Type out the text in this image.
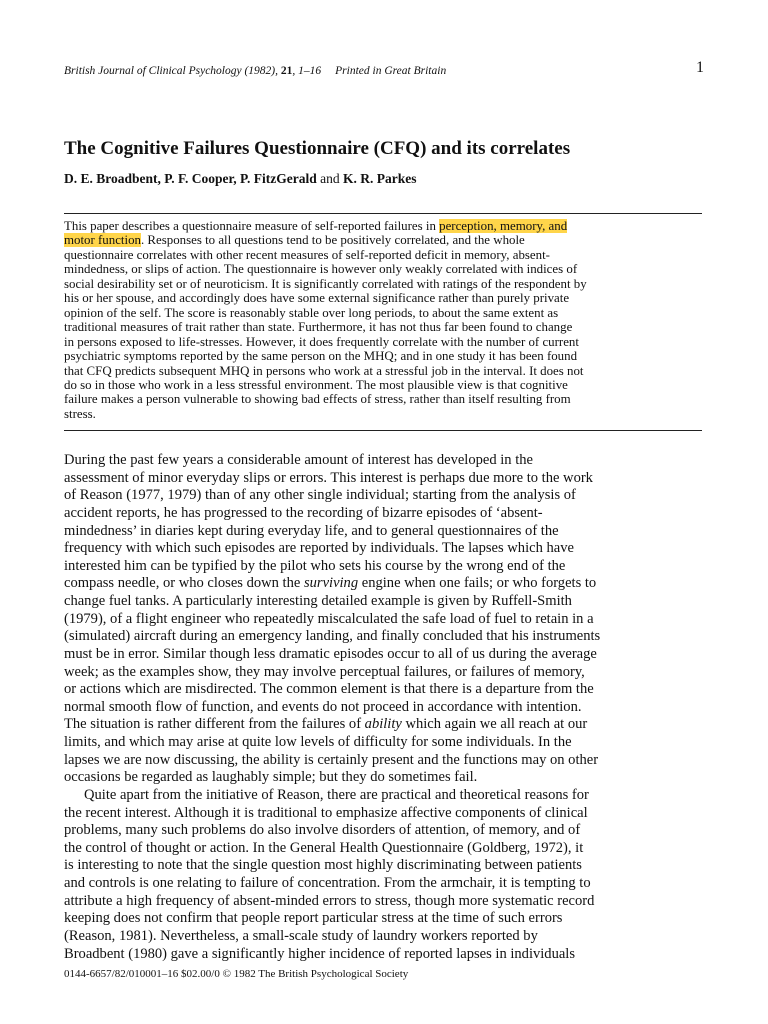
British Journal of Clinical Psychology (1982), 21, 1–16 Printed in Great Britain	1
The Cognitive Failures Questionnaire (CFQ) and its correlates
D. E. Broadbent, P. F. Cooper, P. FitzGerald and K. R. Parkes
This paper describes a questionnaire measure of self-reported failures in perception, memory, and
motor function. Responses to all questions tend to be positively correlated, and the whole
questionnaire correlates with other recent measures of self-reported deficit in memory, absent-
mindedness, or slips of action. The questionnaire is however only weakly correlated with indices of
social desirability set or of neuroticism. It is significantly correlated with ratings of the respondent by
his or her spouse, and accordingly does have some external significance rather than purely private
opinion of the self. The score is reasonably stable over long periods, to about the same extent as
traditional measures of trait rather than state. Furthermore, it has not thus far been found to change
in persons exposed to life-stresses. However, it does frequently correlate with the number of current
psychiatric symptoms reported by the same person on the MHQ; and in one study it has been found
that CFQ predicts subsequent MHQ in persons who work at a stressful job in the interval. It does not
do so in those who work in a less stressful environment. The most plausible view is that cognitive
failure makes a person vulnerable to showing bad effects of stress, rather than itself resulting from
stress.
During the past few years a considerable amount of interest has developed in the
assessment of minor everyday slips or errors. This interest is perhaps due more to the work
of Reason (1977, 1979) than of any other single individual; starting from the analysis of
accident reports, he has progressed to the recording of bizarre episodes of ‘absent-
mindedness’ in diaries kept during everyday life, and to general questionnaires of the
frequency with which such episodes are reported by individuals. The lapses which have
interested him can be typified by the pilot who sets his course by the wrong end of the
compass needle, or who closes down the surviving engine when one fails; or who forgets to
change fuel tanks. A particularly interesting detailed example is given by Ruffell-Smith
(1979), of a flight engineer who repeatedly miscalculated the safe load of fuel to retain in a
(simulated) aircraft during an emergency landing, and finally concluded that his instruments
must be in error. Similar though less dramatic episodes occur to all of us during the average
week; as the examples show, they may involve perceptual failures, or failures of memory,
or actions which are misdirected. The common element is that there is a departure from the
normal smooth flow of function, and events do not proceed in accordance with intention.
The situation is rather different from the failures of ability which again we all reach at our
limits, and which may arise at quite low levels of difficulty for some individuals. In the
lapses we are now discussing, the ability is certainly present and the functions may on other
occasions be regarded as laughably simple; but they do sometimes fail.
Quite apart from the initiative of Reason, there are practical and theoretical reasons for
the recent interest. Although it is traditional to emphasize affective components of clinical
problems, many such problems do also involve disorders of attention, of memory, and of
the control of thought or action. In the General Health Questionnaire (Goldberg, 1972), it
is interesting to note that the single question most highly discriminating between patients
and controls is one relating to failure of concentration. From the armchair, it is tempting to
attribute a high frequency of absent-minded errors to stress, though more systematic record
keeping does not confirm that people report particular stress at the time of such errors
(Reason, 1981). Nevertheless, a small-scale study of laundry workers reported by
Broadbent (1980) gave a significantly higher incidence of reported lapses in individuals
0144-6657/82/010001–16 $02.00/0 © 1982 The British Psychological Society
